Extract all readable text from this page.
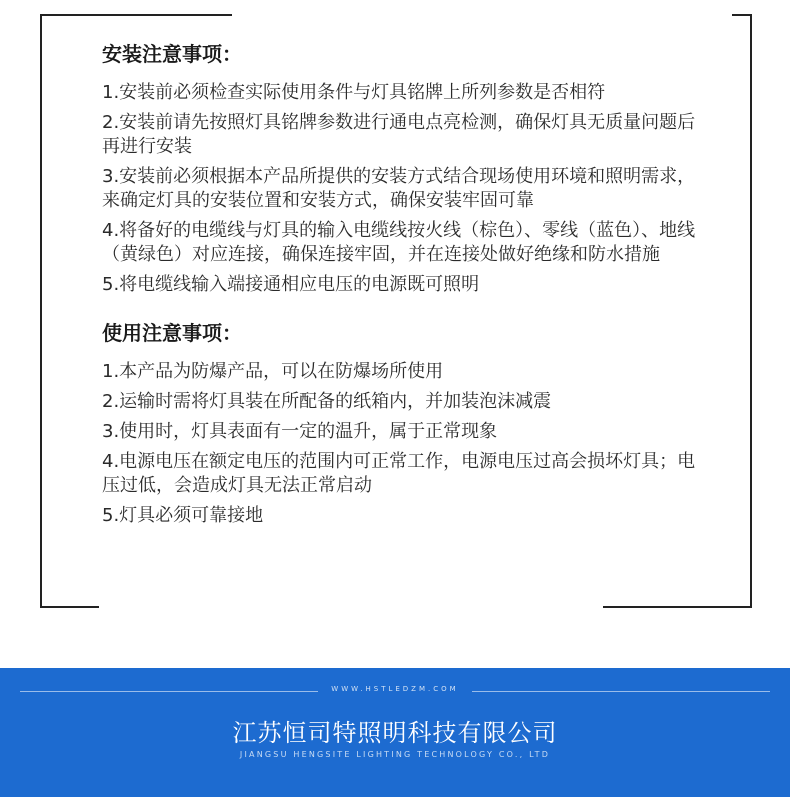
安装注意事项：

1.安装前必须检查实际使用条件与灯具铭牌上所列参数是否相符

2.安装前请先按照灯具铭牌参数进行通电点亮检测，确保灯具无质量问题后再进行安装

3.安装前必须根据本产品所提供的安装方式结合现场使用环境和照明需求，来确定灯具的安装位置和安装方式，确保安装牢固可靠

4.将备好的电缆线与灯具的输入电缆线按火线（棕色）、零线（蓝色）、地线（黄绿色）对应连接，确保连接牢固，并在连接处做好绝缘和防水措施

5.将电缆线输入端接通相应电压的电源既可照明

使用注意事项：

1.本产品为防爆产品，可以在防爆场所使用

2.运输时需将灯具装在所配备的纸箱内，并加装泡沫减震

3.使用时，灯具表面有一定的温升，属于正常现象

4.电源电压在额定电压的范围内可正常工作，电源电压过高会损坏灯具；电压过低，会造成灯具无法正常启动

5.灯具必须可靠接地

WWW.HSTLEDZM.COM
江苏恒司特照明科技有限公司
JIANGSU HENGSITE LIGHTING TECHNOLOGY CO., LTD
